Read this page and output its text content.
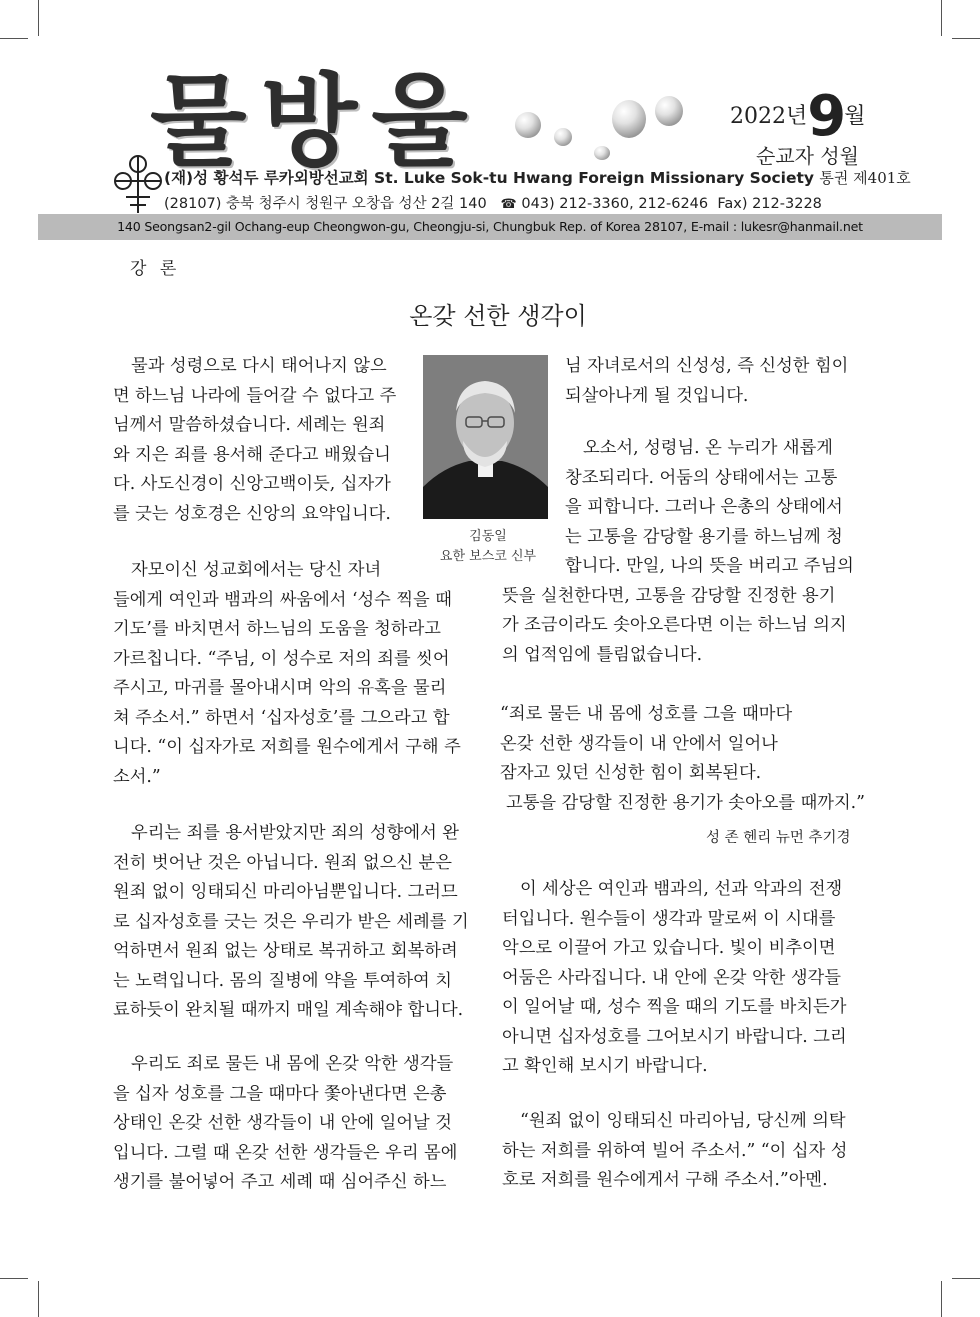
물방울	2022년9월
순교자 성월
(재)성 황석두 루카외방선교회 St. Luke Sok-tu Hwang Foreign Missionary Society 통권 제401호
(28107) 충북 청주시 청원구 오창읍 성산 2길 140 ☎ 043) 212-3360, 212-6246 Fax) 212-3228
140 Seongsan2-gil Ochang-eup Cheongwon-gu, Cheongju-si, Chungbuk Rep. of Korea 28107, E-mail : lukesr@hanmail.net
강 론
온갖 선한 생각이
김동일
요한 보스코 신부
물과 성령으로 다시 태어나지 않으
면 하느님 나라에 들어갈 수 없다고 주
님께서 말씀하셨습니다. 세례는 원죄
와 지은 죄를 용서해 준다고 배웠습니
다. 사도신경이 신앙고백이듯, 십자가
를 긋는 성호경은 신앙의 요약입니다.
자모이신 성교회에서는 당신 자녀
들에게 여인과 뱀과의 싸움에서 ‘성수 찍을 때
기도’를 바치면서 하느님의 도움을 청하라고
가르칩니다. “주님, 이 성수로 저의 죄를 씻어
주시고, 마귀를 몰아내시며 악의 유혹을 물리
쳐 주소서.” 하면서 ‘십자성호’를 그으라고 합
니다. “이 십자가로 저희를 원수에게서 구해 주
소서.”
우리는 죄를 용서받았지만 죄의 성향에서 완
전히 벗어난 것은 아닙니다. 원죄 없으신 분은
원죄 없이 잉태되신 마리아님뿐입니다. 그러므
로 십자성호를 긋는 것은 우리가 받은 세례를 기
억하면서 원죄 없는 상태로 복귀하고 회복하려
는 노력입니다. 몸의 질병에 약을 투여하여 치
료하듯이 완치될 때까지 매일 계속해야 합니다.
우리도 죄로 물든 내 몸에 온갖 악한 생각들
을 십자 성호를 그을 때마다 쫓아낸다면 은총
상태인 온갖 선한 생각들이 내 안에 일어날 것
입니다. 그럴 때 온갖 선한 생각들은 우리 몸에
생기를 불어넣어 주고 세례 때 심어주신 하느
님 자녀로서의 신성성, 즉 신성한 힘이
되살아나게 될 것입니다.
오소서, 성령님. 온 누리가 새롭게
창조되리다. 어둠의 상태에서는 고통
을 피합니다. 그러나 은총의 상태에서
는 고통을 감당할 용기를 하느님께 청
합니다. 만일, 나의 뜻을 버리고 주님의
뜻을 실천한다면, 고통을 감당할 진정한 용기
가 조금이라도 솟아오른다면 이는 하느님 의지
의 업적임에 틀림없습니다.
“죄로 물든 내 몸에 성호를 그을 때마다
온갖 선한 생각들이 내 안에서 일어나
잠자고 있던 신성한 힘이 회복된다.
고통을 감당할 진정한 용기가 솟아오를 때까지.”
성 존 헨리 뉴먼 추기경
이 세상은 여인과 뱀과의, 선과 악과의 전쟁
터입니다. 원수들이 생각과 말로써 이 시대를
악으로 이끌어 가고 있습니다. 빛이 비추이면
어둠은 사라집니다. 내 안에 온갖 악한 생각들
이 일어날 때, 성수 찍을 때의 기도를 바치든가
아니면 십자성호를 그어보시기 바랍니다. 그리
고 확인해 보시기 바랍니다.
“원죄 없이 잉태되신 마리아님, 당신께 의탁
하는 저희를 위하여 빌어 주소서.” “이 십자 성
호로 저희를 원수에게서 구해 주소서.”아멘.
